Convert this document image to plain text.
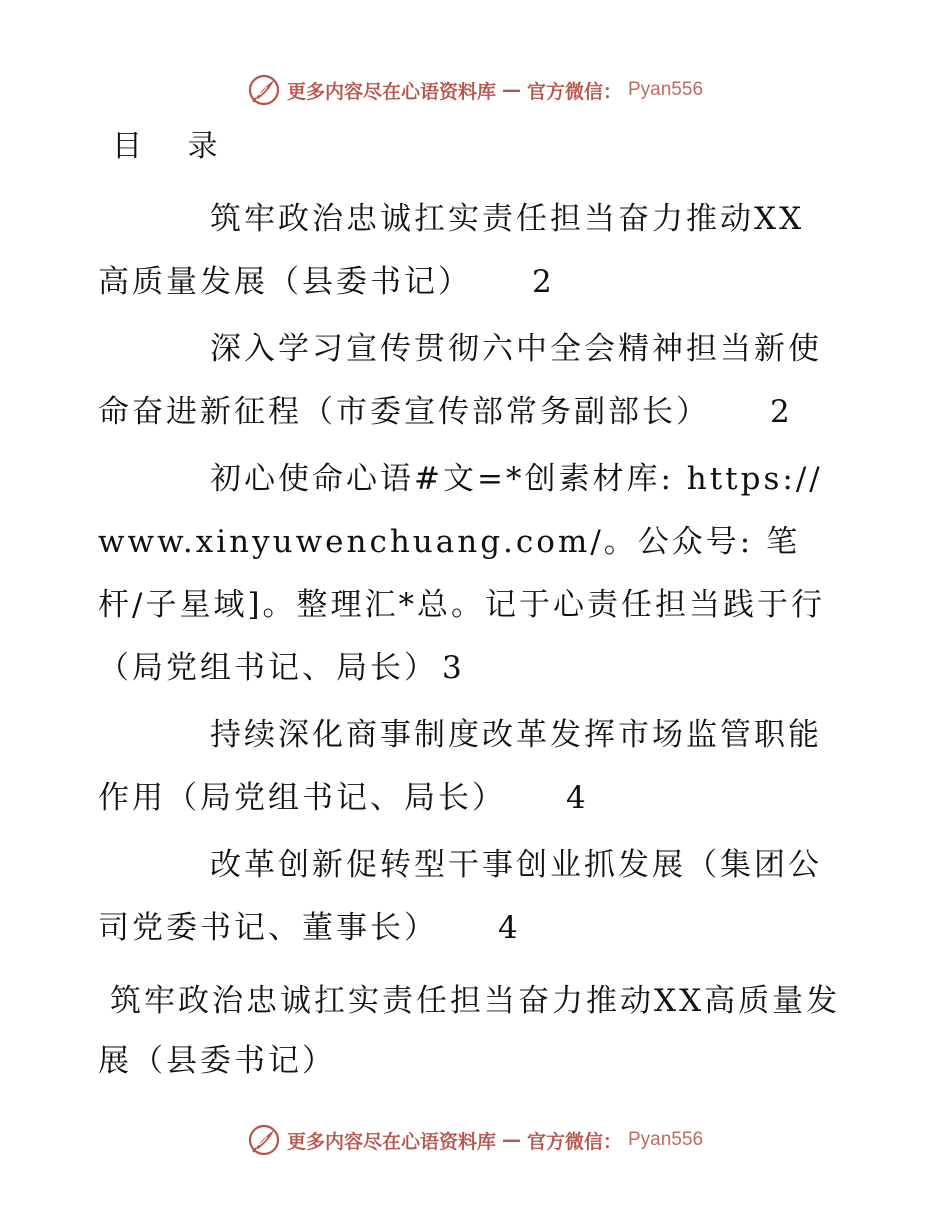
更多内容尽在心语资料库 — 官方微信： Pyan556
目 录

筑牢政治忠诚扛实责任担当奋力推动XX高质量发展（县委书记） 2

深入学习宣传贯彻六中全会精神担当新使命奋进新征程（市委宣传部常务副部长） 2

初心使命心语#文=*创素材库: https://www.xinyuwenchuang.com/。公众号: 笔杆/子星域]。整理汇*总。记于心责任担当践于行（局党组书记、局长） 3

持续深化商事制度改革发挥市场监管职能作用（局党组书记、局长） 4

改革创新促转型干事创业抓发展（集团公司党委书记、董事长） 4

筑牢政治忠诚扛实责任担当奋力推动XX高质量发展（县委书记）
更多内容尽在心语资料库 — 官方微信： Pyan556
